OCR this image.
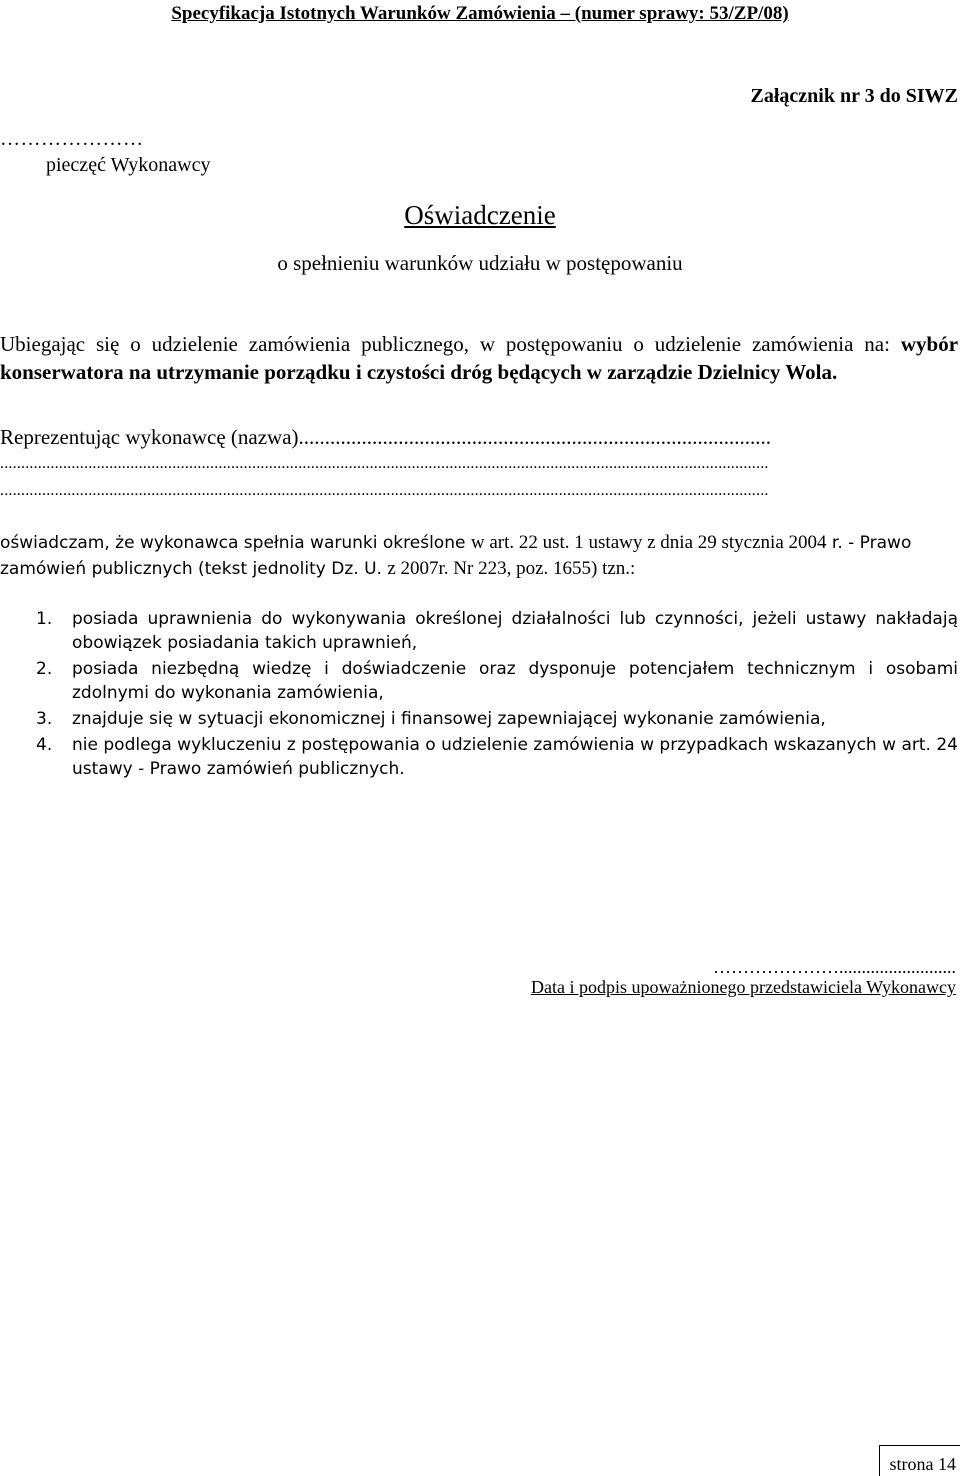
Specyfikacja Istotnych Warunków Zamówienia – (numer sprawy: 53/ZP/08)
Załącznik nr 3 do SIWZ
…………………
pieczęć Wykonawcy
Oświadczenie
o spełnieniu warunków udziału w postępowaniu
Ubiegając się o udzielenie zamówienia publicznego, w postępowaniu o udzielenie zamówienia na: wybór konserwatora na utrzymanie porządku i czystości dróg będących w zarządzie Dzielnicy Wola.
Reprezentując wykonawcę (nazwa)..........................................................................................
.......................................................................................................................................................................................
.......................................................................................................................................................................................
oświadczam, że wykonawca spełnia warunki określone w art. 22 ust. 1 ustawy z dnia 29 stycznia 2004 r. - Prawo zamówień publicznych (tekst jednolity Dz. U. z 2007r. Nr 223, poz. 1655) tzn.:
1. posiada uprawnienia do wykonywania określonej działalności lub czynności, jeżeli ustawy nakładają obowiązek posiadania takich uprawnień,
2. posiada niezbędną wiedzę i doświadczenie oraz dysponuje potencjałem technicznym i osobami zdolnymi do wykonania zamówienia,
3. znajduje się w sytuacji ekonomicznej i finansowej zapewniającej wykonanie zamówienia,
4. nie podlega wykluczeniu z postępowania o udzielenie zamówienia w przypadkach wskazanych w art. 24 ustawy - Prawo zamówień publicznych.
…………………..........................
Data i podpis upoważnionego przedstawiciela Wykonawcy
strona 14
